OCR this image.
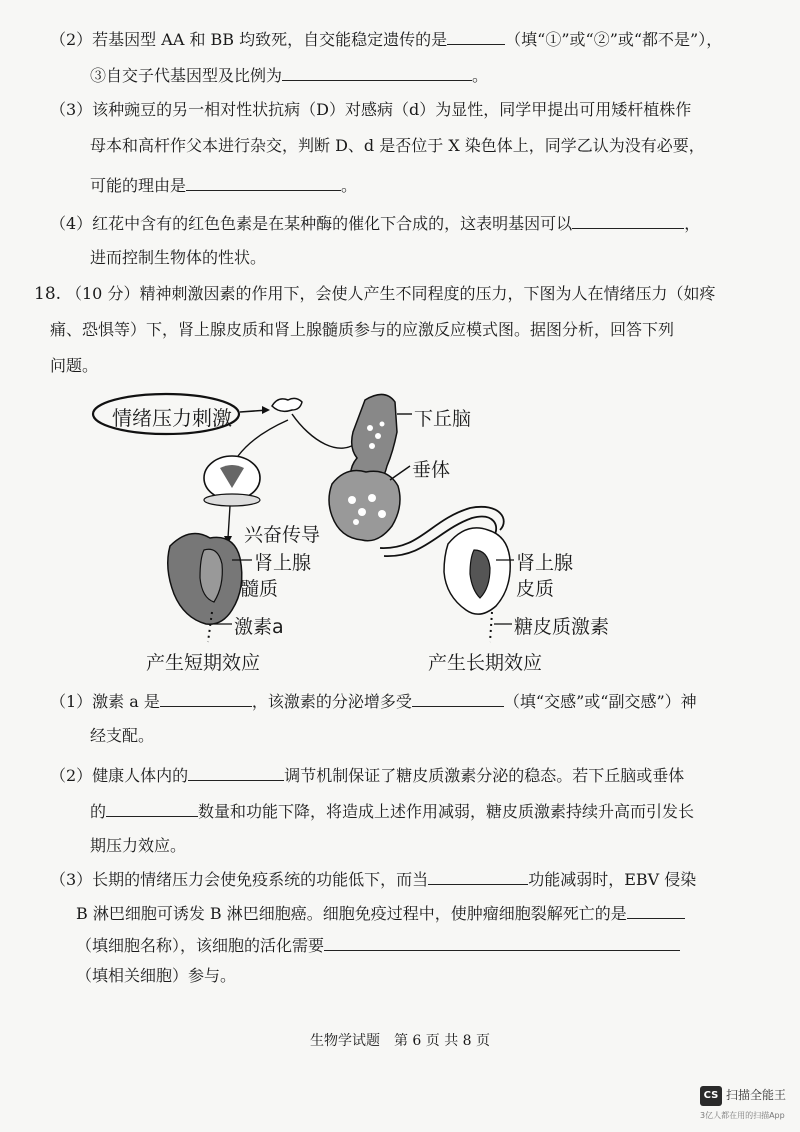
（2）若基因型 AA 和 BB 均致死，自交能稳定遗传的是	（填“①”或“②”或“都不是”），
③自交子代基因型及比例为	。
（3）该种豌豆的另一相对性状抗病（D）对感病（d）为显性，同学甲提出可用矮杆植株作
母本和高杆作父本进行杂交，判断 D、d 是否位于 X 染色体上，同学乙认为没有必要，
可能的理由是	。
（4）红花中含有的红色色素是在某种酶的催化下合成的，这表明基因可以	，
进而控制生物体的性状。
18. （10 分）精神刺激因素的作用下，会使人产生不同程度的压力，下图为人在情绪压力（如疼
痛、恐惧等）下，肾上腺皮质和肾上腺髓质参与的应激反应模式图。据图分析，回答下列
问题。
情绪压力刺激	下丘脑
垂体
兴奋传导
肾上腺
髓质
肾上腺
皮质
激素a	糖皮质激素
产生短期效应	产生长期效应
（1）激素 a 是	，该激素的分泌增多受	（填“交感”或“副交感”）神
经支配。
（2）健康人体内的	调节机制保证了糖皮质激素分泌的稳态。若下丘脑或垂体
的	数量和功能下降，将造成上述作用减弱，糖皮质激素持续升高而引发长
期压力效应。
（3）长期的情绪压力会使免疫系统的功能低下，而当	功能减弱时，EBV 侵染
B 淋巴细胞可诱发 B 淋巴细胞癌。细胞免疫过程中，使肿瘤细胞裂解死亡的是
（填细胞名称），该细胞的活化需要
（填相关细胞）参与。
生物学试题　第 6 页 共 8 页
CS 扫描全能王
3亿人都在用的扫描App
